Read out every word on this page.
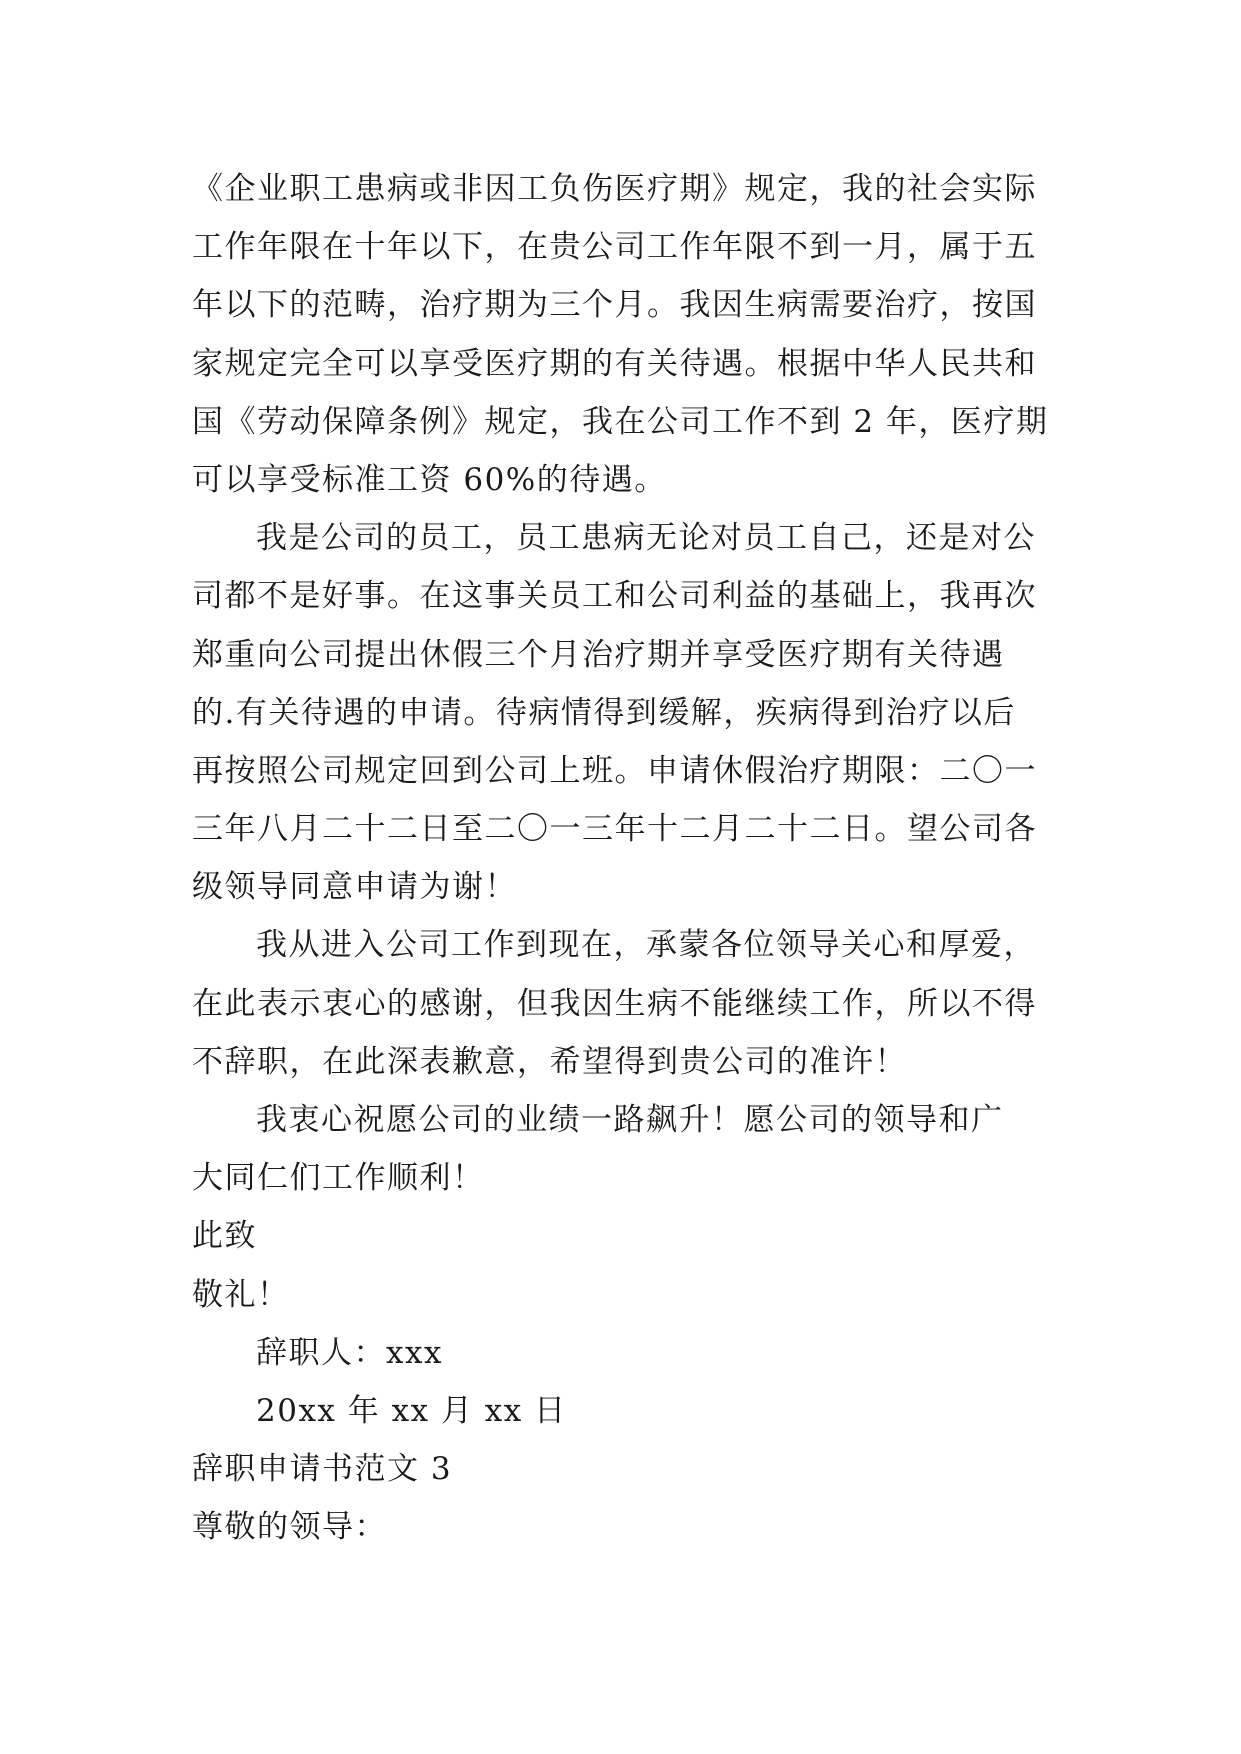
《企业职工患病或非因工负伤医疗期》规定，我的社会实际
工作年限在十年以下，在贵公司工作年限不到一月，属于五
年以下的范畴，治疗期为三个月。我因生病需要治疗，按国
家规定完全可以享受医疗期的有关待遇。根据中华人民共和
国《劳动保障条例》规定，我在公司工作不到 2 年，医疗期
可以享受标准工资 60%的待遇。
我是公司的员工，员工患病无论对员工自己，还是对公
司都不是好事。在这事关员工和公司利益的基础上，我再次
郑重向公司提出休假三个月治疗期并享受医疗期有关待遇
的.有关待遇的申请。待病情得到缓解，疾病得到治疗以后
再按照公司规定回到公司上班。申请休假治疗期限：二〇一
三年八月二十二日至二〇一三年十二月二十二日。望公司各
级领导同意申请为谢！
我从进入公司工作到现在，承蒙各位领导关心和厚爱，
在此表示衷心的感谢，但我因生病不能继续工作，所以不得
不辞职，在此深表歉意，希望得到贵公司的准许！
我衷心祝愿公司的业绩一路飙升！愿公司的领导和广
大同仁们工作顺利！
此致
敬礼！
辞职人：xxx
20xx 年 xx 月 xx 日
辞职申请书范文 3
尊敬的领导：
